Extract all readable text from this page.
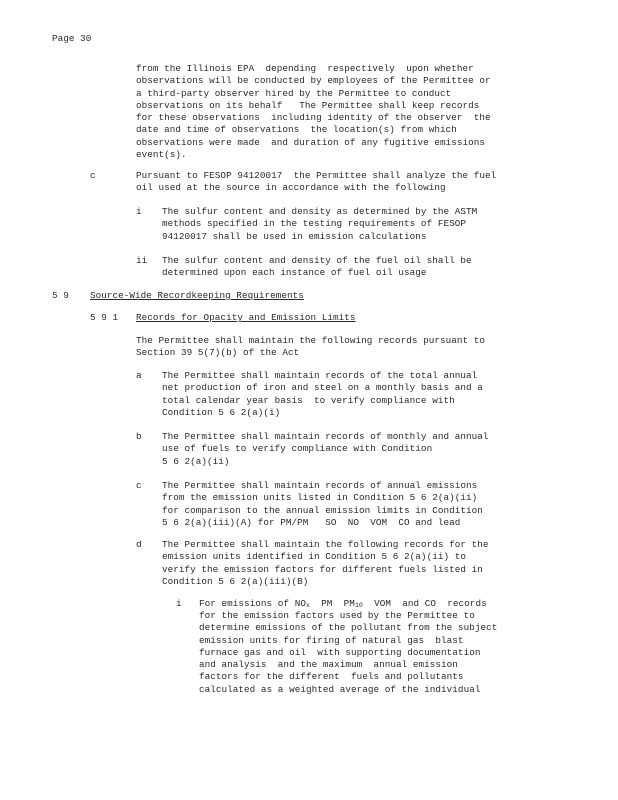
Page 30
from the Illinois EPA  depending  respectively  upon whether
observations will be conducted by employees of the Permittee or
a third-party observer hired by the Permittee to conduct
observations on its behalf   The Permittee shall keep records
for these observations  including identity of the observer  the
date and time of observations  the location(s) from which
observations were made  and duration of any fugitive emissions
event(s).
c	Pursuant to FESOP 94120017  the Permittee shall analyze the fuel
oil used at the source in accordance with the following
i The sulfur content and density as determined by the ASTM
methods specified in the testing requirements of FESOP
94120017 shall be used in emission calculations
ii The sulfur content and density of the fuel oil shall be
determined upon each instance of fuel oil usage
5 9 Source-Wide Recordkeeping Requirements
5 9 1 Records for Opacity and Emission Limits
The Permittee shall maintain the following records pursuant to
Section 39 5(7)(b) of the Act
a The Permittee shall maintain records of the total annual
net production of iron and steel on a monthly basis and a
total calendar year basis  to verify compliance with
Condition 5 6 2(a)(i)
b The Permittee shall maintain records of monthly and annual
use of fuels to verify compliance with Condition
5 6 2(a)(ii)
c The Permittee shall maintain records of annual emissions
from the emission units listed in Condition 5 6 2(a)(ii)
for comparison to the annual emission limits in Condition
5 6 2(a)(iii)(A) for PM/PM   SO  NO  VOM  CO and lead
d The Permittee shall maintain the following records for the
emission units identified in Condition 5 6 2(a)(ii) to
verify the emission factors for different fuels listed in
Condition 5 6 2(a)(iii)(B)
i For emissions of $NO_x$  PM  $PM_{10}$  VOM  and CO  records
for the emission factors used by the Permittee to
determine emissions of the pollutant from the subject
emission units for firing of natural gas  blast
furnace gas and oil  with supporting documentation
and analysis  and the maximum  annual emission
factors for the different  fuels and pollutants
calculated as a weighted average of the individual
